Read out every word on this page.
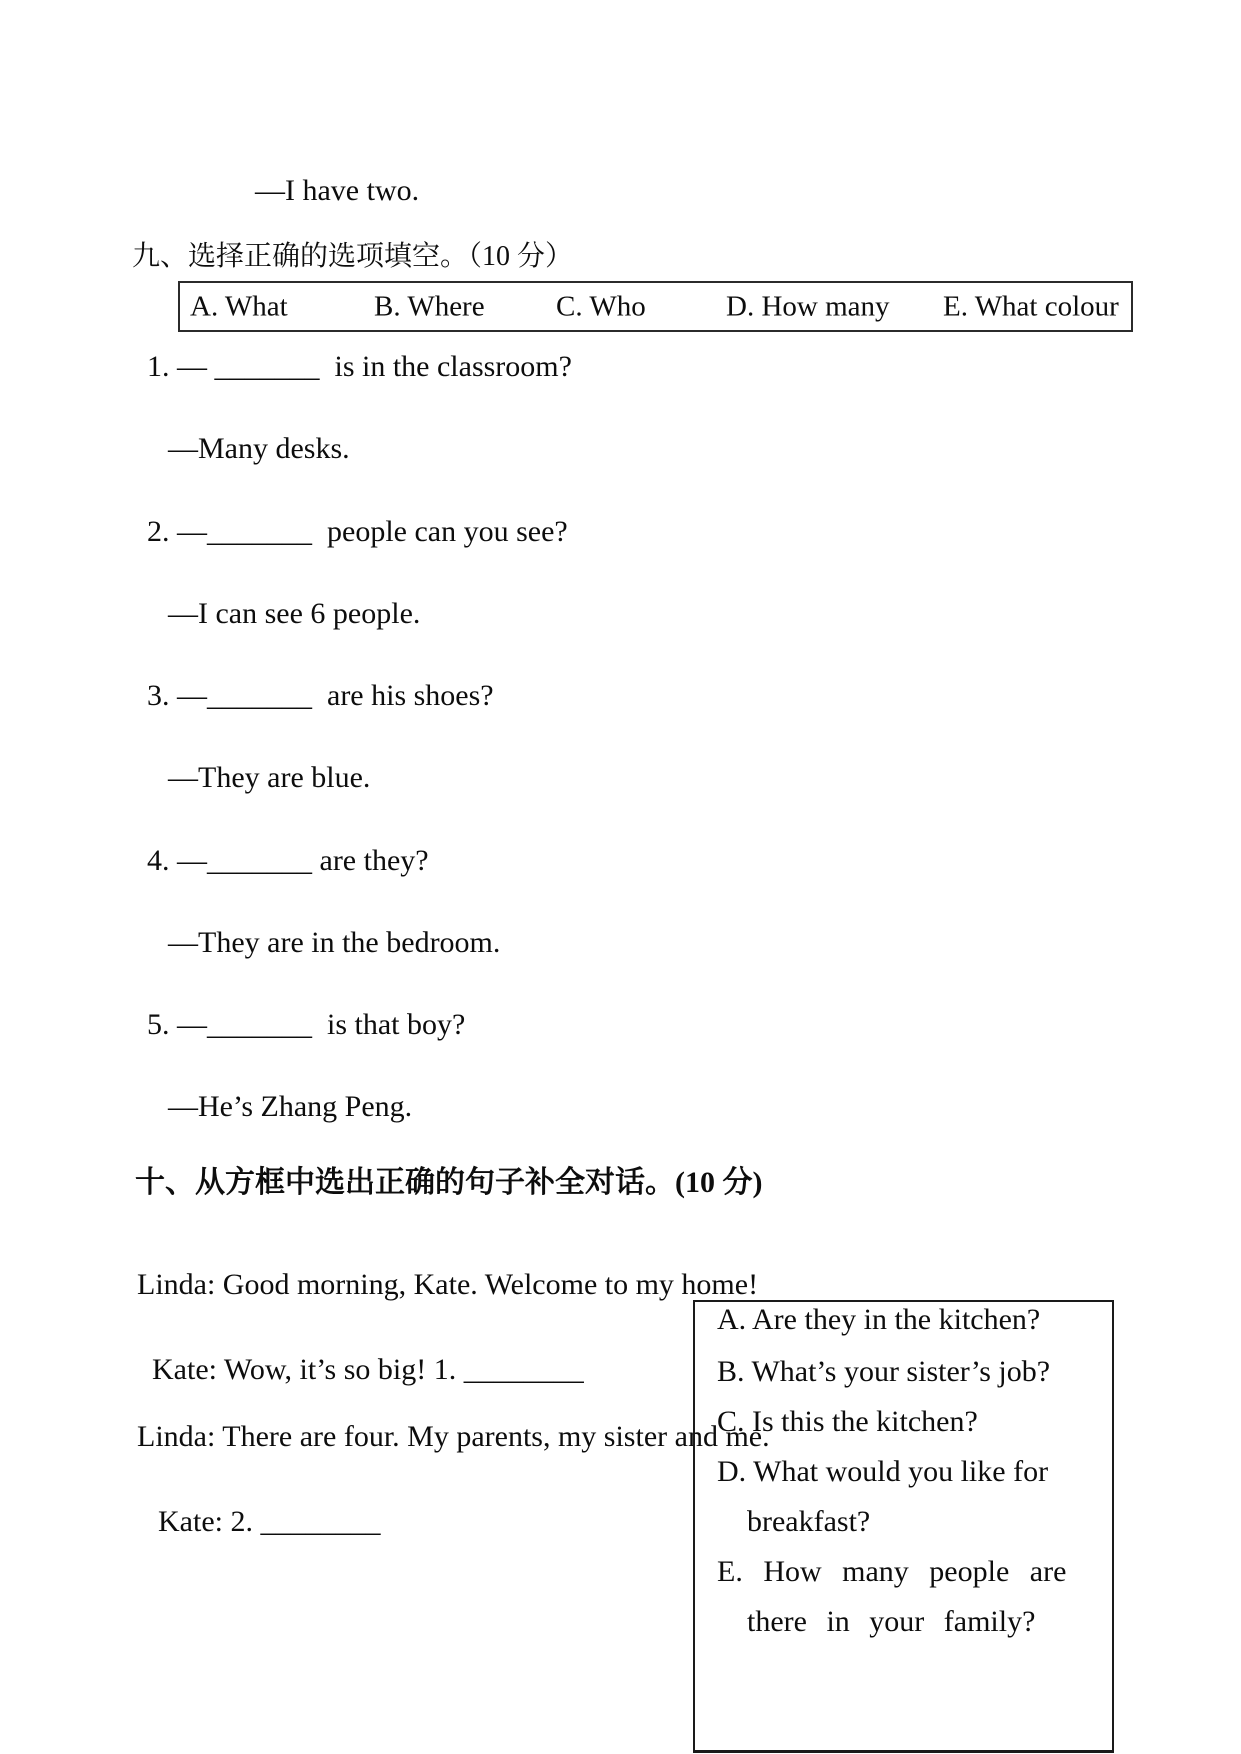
—I have two.
九、选择正确的选项填空。（10 分）
A. What	B. Where C. Who	D. How many E. What colour
1. — _______  is in the classroom?
—Many desks.
2. —_______  people can you see?
—I can see 6 people.
3. —_______  are his shoes?
—They are blue.
4. —_______ are they?
—They are in the bedroom.
5. —_______  is that boy?
—He’s Zhang Peng.
十、从方框中选出正确的句子补全对话。(10 分)
Linda: Good morning, Kate. Welcome to my home!
Kate: Wow, it’s so big! 1. ________
Linda: There are four. My parents, my sister and me.
Kate: 2. ________
A. Are they in the kitchen?
B. What’s your sister’s job?
C. Is this the kitchen?
D. What would you like for
breakfast?
E. How many people are
there in your family?
